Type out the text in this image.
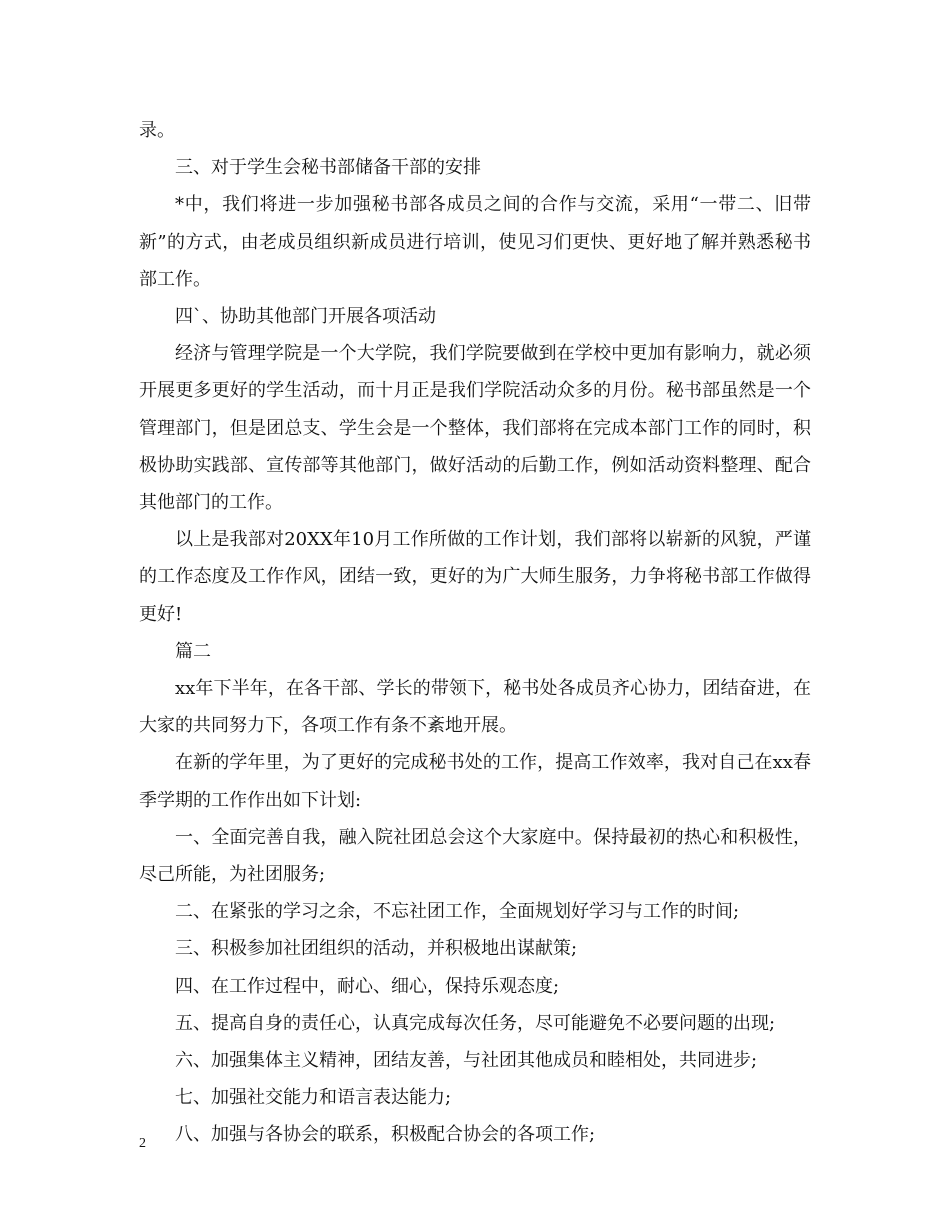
录。

三、对于学生会秘书部储备干部的安排

*中，我们将进一步加强秘书部各成员之间的合作与交流，采用“一带二、旧带新”的方式，由老成员组织新成员进行培训，使见习们更快、更好地了解并熟悉秘书部工作。

四`、协助其他部门开展各项活动

经济与管理学院是一个大学院，我们学院要做到在学校中更加有影响力，就必须开展更多更好的学生活动，而十月正是我们学院活动众多的月份。秘书部虽然是一个管理部门，但是团总支、学生会是一个整体，我们部将在完成本部门工作的同时，积极协助实践部、宣传部等其他部门，做好活动的后勤工作，例如活动资料整理、配合其他部门的工作。

以上是我部对20XX年10月工作所做的工作计划，我们部将以崭新的风貌，严谨的工作态度及工作作风，团结一致，更好的为广大师生服务，力争将秘书部工作做得更好!

篇二

xx年下半年，在各干部、学长的带领下，秘书处各成员齐心协力，团结奋进，在大家的共同努力下，各项工作有条不紊地开展。

在新的学年里，为了更好的完成秘书处的工作，提高工作效率，我对自己在xx春季学期的工作作出如下计划:

一、全面完善自我，融入院社团总会这个大家庭中。保持最初的热心和积极性，尽己所能，为社团服务;

二、在紧张的学习之余，不忘社团工作，全面规划好学习与工作的时间;

三、积极参加社团组织的活动，并积极地出谋献策;

四、在工作过程中，耐心、细心，保持乐观态度;

五、提高自身的责任心，认真完成每次任务，尽可能避免不必要问题的出现;

六、加强集体主义精神，团结友善，与社团其他成员和睦相处，共同进步;

七、加强社交能力和语言表达能力;

八、加强与各协会的联系，积极配合协会的各项工作;

2
